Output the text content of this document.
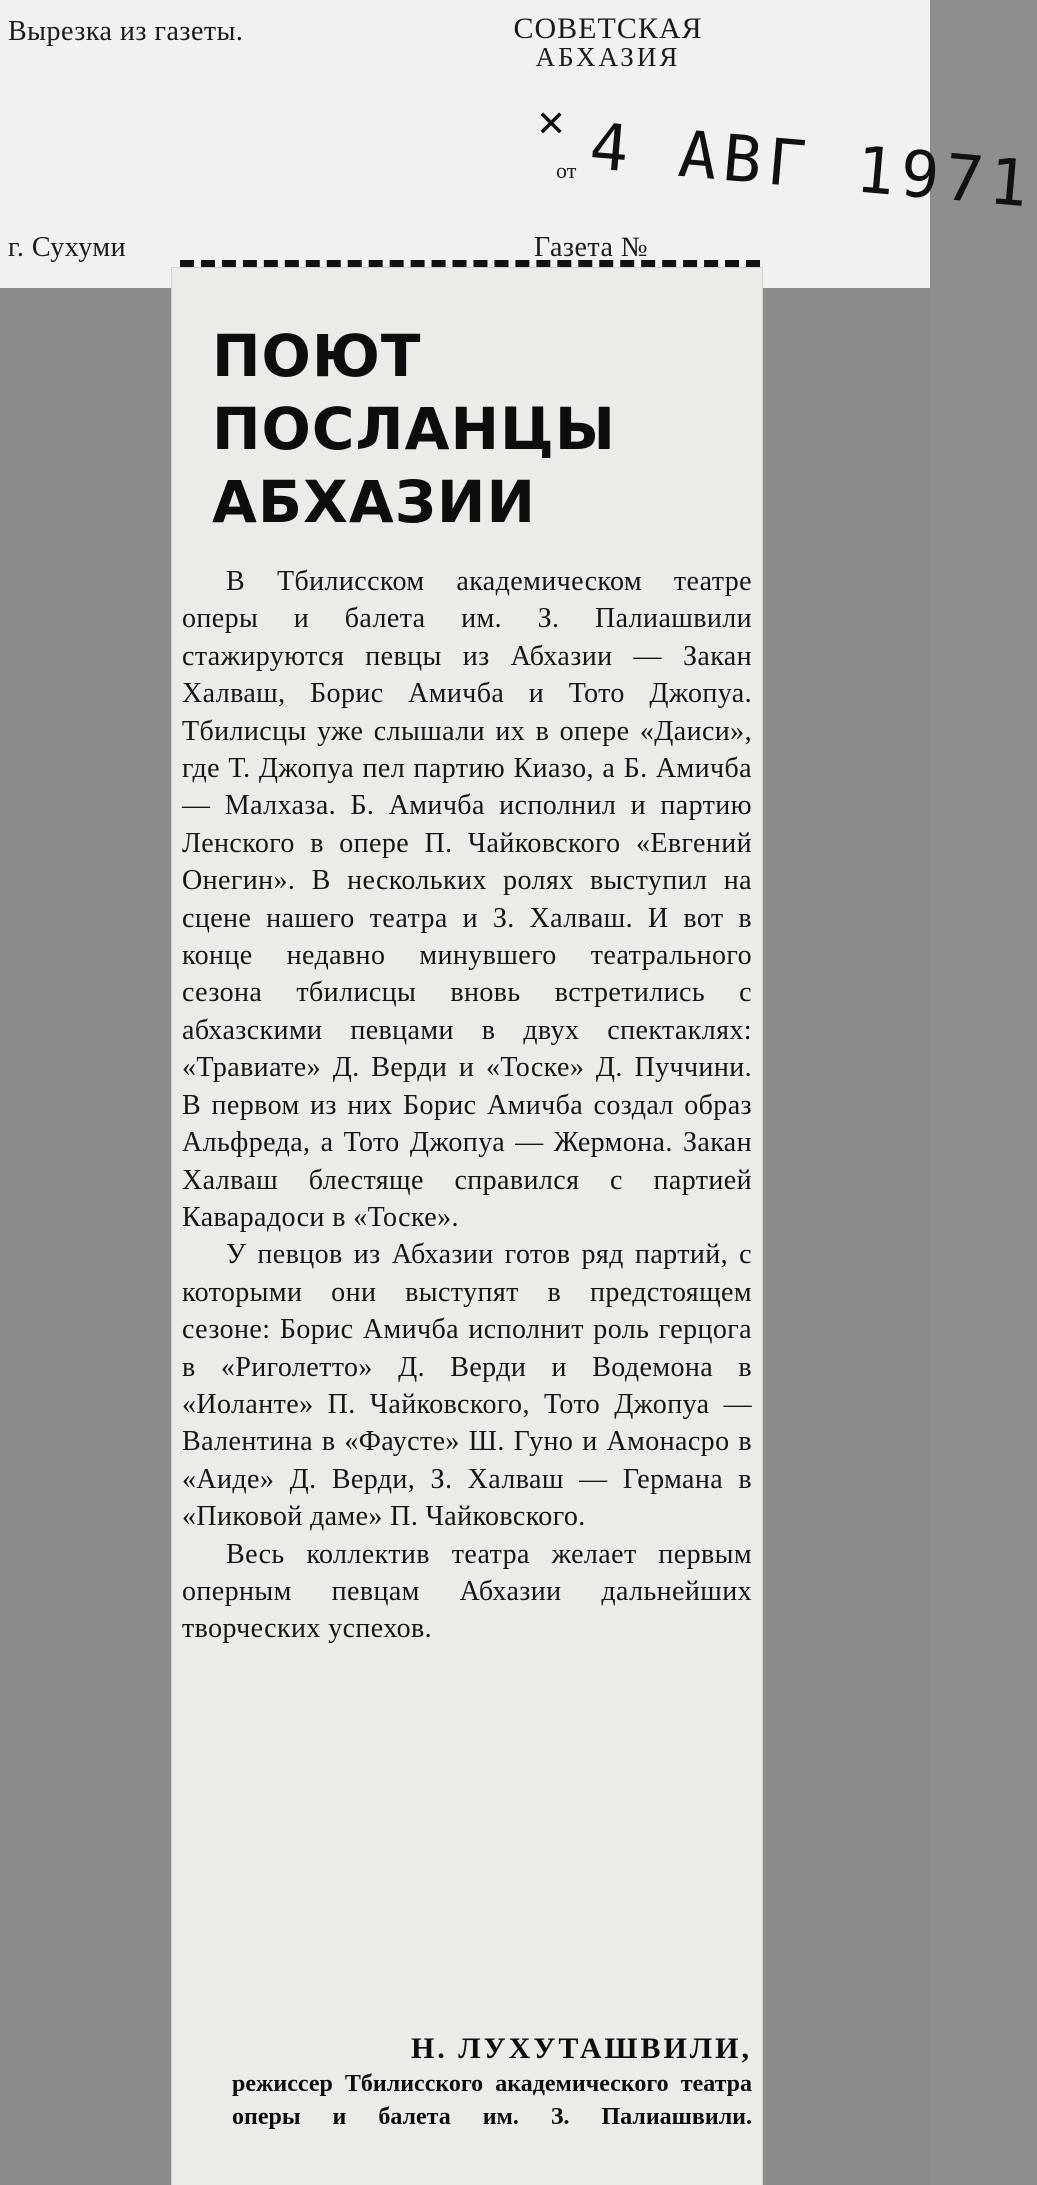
Вырезка из газеты.	СОВЕТСКАЯ
АБХАЗИЯ
✕
от 4 АВГ 1971
г. Сухуми	Газета №
ПОЮТ
ПОСЛАНЦЫ
АБХАЗИИ

В Тбилисском академическом театре оперы и балета им. З. Палиашвили стажируются певцы из Абхазии — Закан Халваш, Борис Амичба и Тото Джопуа. Тбилисцы уже слышали их в опере «Даиси», где Т. Джопуа пел партию Киазо, а Б. Амичба — Малхаза. Б. Амичба исполнил и партию Ленского в опере П. Чайковского «Евгений Онегин». В нескольких ролях выступил на сцене нашего театра и З. Халваш. И вот в конце недавно минувшего театрального сезона тбилисцы вновь встретились с абхазскими певцами в двух спектаклях: «Травиате» Д. Верди и «Тоске» Д. Пуччини. В первом из них Борис Амичба создал образ Альфреда, а Тото Джопуа — Жермона. Закан Халваш блестяще справился с партией Каварадоси в «Тоске».

У певцов из Абхазии готов ряд партий, с которыми они выступят в предстоящем сезоне: Борис Амичба исполнит роль герцога в «Риголетто» Д. Верди и Водемона в «Иоланте» П. Чайковского, Тото Джопуа — Валентина в «Фаусте» Ш. Гуно и Амонасро в «Аиде» Д. Верди, З. Халваш — Германа в «Пиковой даме» П. Чайковского.

Весь коллектив театра желает первым оперным певцам Абхазии дальнейших творческих успехов.

Н. ЛУХУТАШВИЛИ,
режиссер Тбилисского академического театра оперы и балета им. З. Палиашвили.
